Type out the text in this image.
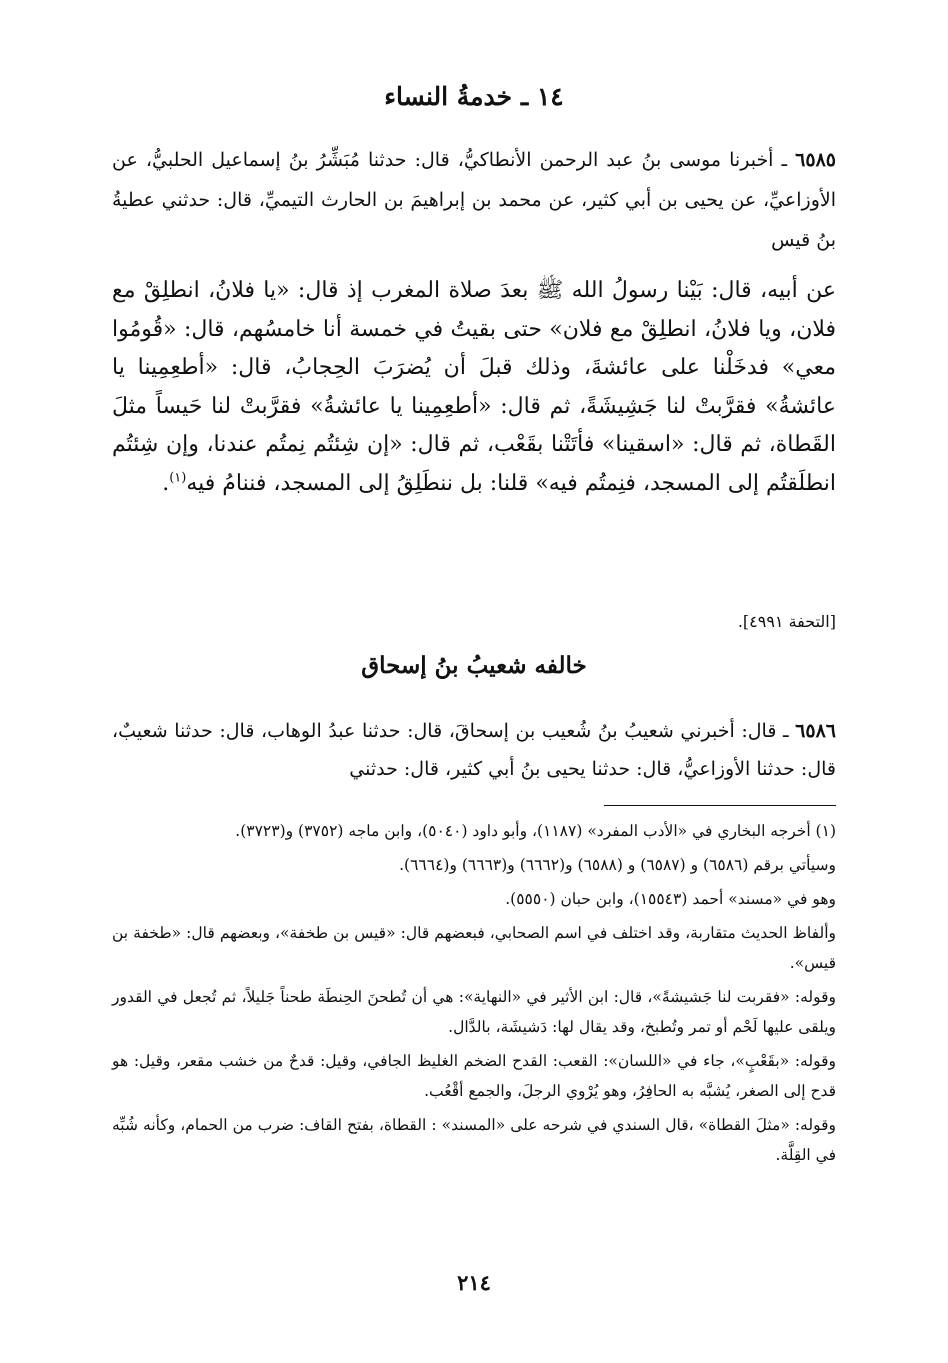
١٤ ـ خدمةُ النساء

٦٥٨٥ ـ أخبرنا موسى بنُ عبد الرحمن الأنطاكيُّ، قال: حدثنا مُبَشِّرُ بنُ إسماعيل الحلبيُّ، عن الأوزاعيِّ، عن يحيى بن أبي كثير، عن محمد بن إبراهيمَ بن الحارث التيميِّ، قال: حدثني عطيةُ بنُ قيس

عن أبيه، قال: بَيْنا رسولُ الله ﷺ بعدَ صلاة المغرب إذ قال: «يا فلانُ، انطلِقْ مع فلان، ويا فلانُ، انطلِقْ مع فلان» حتى بقيتُ في خمسة أنا خامسُهم، قال: «قُومُوا معي» فدخَلْنا على عائشةَ، وذلك قبلَ أن يُضرَبَ الحِجابُ، قال: «أطعِمِينا يا عائشةُ» فقرَّبتْ لنا جَشِيشَةً، ثم قال: «أطعِمِينا يا عائشةُ» فقرَّبتْ لنا حَيساً مثلَ القَطاة، ثم قال: «اسقينا» فأتَتْنا بقَعْب، ثم قال: «إن شِئتُم نِمتُم عندنا، وإن شِئتُم انطلَقتُم إلى المسجد، فنِمتُم فيه» قلنا: بل ننطَلِقُ إلى المسجد، فننامُ فيه$^{(١)}$.

[التحفة ٤٩٩١].

خالفه شعيبُ بنُ إسحاق

٦٥٨٦ ـ قال: أخبرني شعيبُ بنُ شُعيب بن إسحاقَ، قال: حدثنا عبدُ الوهاب، قال: حدثنا شعيبٌ، قال: حدثنا الأوزاعيُّ، قال: حدثنا يحيى بنُ أبي كثير، قال: حدثني

(١) أخرجه البخاري في «الأدب المفرد» (١١٨٧)، وأبو داود (٥٠٤٠)، وابن ماجه (٣٧٥٢) و(٣٧٢٣).

وسيأتي برقم (٦٥٨٦) و (٦٥٨٧) و (٦٥٨٨) و(٦٦٦٢) و(٦٦٦٣) و(٦٦٦٤).

وهو في «مسند» أحمد (١٥٥٤٣)، وابن حبان (٥٥٥٠).

وألفاظ الحديث متقاربة، وقد اختلف في اسم الصحابي، فبعضهم قال: «قيس بن طخفة»، وبعضهم قال: «طخفة بن قيس».

وقوله: «فقربت لنا جَشيشةً»، قال: ابن الأثير في «النهاية»: هي أن تُطحنَ الحِنطَة طحناً جَليلاً، ثم تُجعل في القدور ويلقى عليها لَحْم أو تمر وتُطبخ، وقد يقال لها: دَشيشَة، بالدَّال.

وقوله: «بقَعْبٍ»، جاء في «اللسان»: القعب: القدح الضخم الغليظ الجافي، وقيل: قدحٌ من خشب مقعر، وقيل: هو قدح إلى الصغر، يُشبَّه به الحافِرُ، وهو يُرْوي الرجلَ، والجمع أقْعُب.

وقوله: «مثلَ القطاة» ،قال السندي في شرحه على «المسند» : القطاة، بفتح القاف: ضرب من الحمام، وكأنه شُبِّه في القِلَّة.

٢١٤
